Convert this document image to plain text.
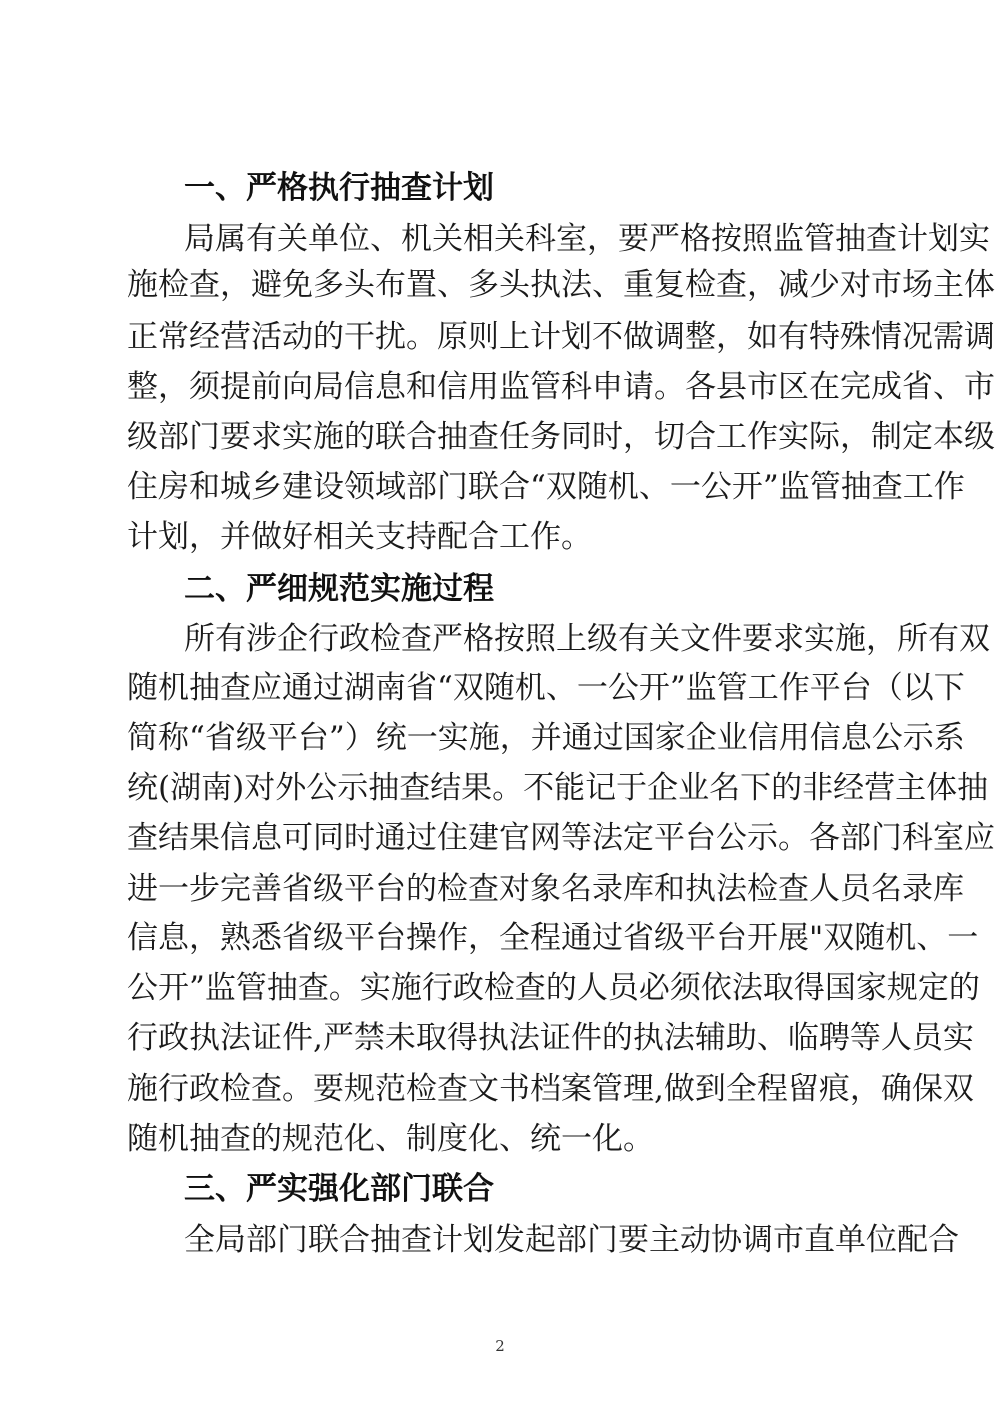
一、严格执行抽查计划

局属有关单位、机关相关科室，要严格按照监管抽查计划实

施检查，避免多头布置、多头执法、重复检查，减少对市场主体

正常经营活动的干扰。原则上计划不做调整，如有特殊情况需调

整，须提前向局信息和信用监管科申请。各县市区在完成省、市

级部门要求实施的联合抽查任务同时，切合工作实际，制定本级

住房和城乡建设领域部门联合“双随机、一公开”监管抽查工作

计划，并做好相关支持配合工作。

二、严细规范实施过程

所有涉企行政检查严格按照上级有关文件要求实施，所有双

随机抽查应通过湖南省“双随机、一公开”监管工作平台（以下

简称“省级平台”）统一实施，并通过国家企业信用信息公示系

统(湖南)对外公示抽查结果。不能记于企业名下的非经营主体抽

查结果信息可同时通过住建官网等法定平台公示。各部门科室应

进一步完善省级平台的检查对象名录库和执法检查人员名录库

信息，熟悉省级平台操作，全程通过省级平台开展"双随机、一

公开”监管抽查。实施行政检查的人员必须依法取得国家规定的

行政执法证件,严禁未取得执法证件的执法辅助、临聘等人员实

施行政检查。要规范检查文书档案管理,做到全程留痕，确保双

随机抽查的规范化、制度化、统一化。

三、严实强化部门联合

全局部门联合抽查计划发起部门要主动协调市直单位配合

2
